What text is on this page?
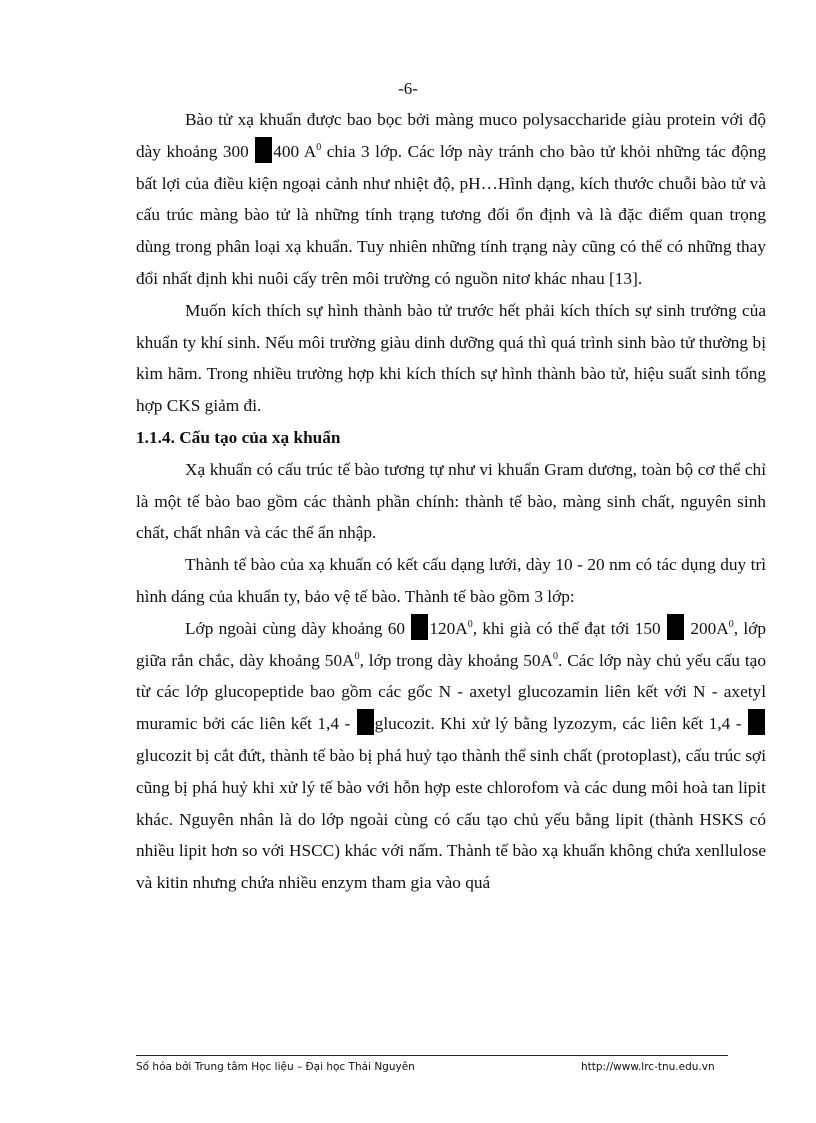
-6-

Bào tử xạ khuẩn được bao bọc bởi màng muco polysaccharide giàu protein với độ dày khoảng 300 400 $A^0$ chia 3 lớp. Các lớp này tránh cho bào tử khỏi những tác động bất lợi của điều kiện ngoại cảnh như nhiệt độ, pH…Hình dạng, kích thước chuỗi bào tử và cấu trúc màng bào tử là những tính trạng tương đối ổn định và là đặc điểm quan trọng dùng trong phân loại xạ khuẩn. Tuy nhiên những tính trạng này cũng có thể có những thay đổi nhất định khi nuôi cấy trên môi trường có nguồn nitơ khác nhau [13].

Muốn kích thích sự hình thành bào tử trước hết phải kích thích sự sinh trưởng của khuẩn ty khí sinh. Nếu môi trường giàu dinh dưỡng quá thì quá trình sinh bào tử thường bị kìm hãm. Trong nhiều trường hợp khi kích thích sự hình thành bào tử, hiệu suất sinh tổng hợp CKS giảm đi.

1.1.4. Cấu tạo của xạ khuẩn

Xạ khuẩn có cấu trúc tế bào tương tự như vi khuẩn Gram dương, toàn bộ cơ thể chỉ là một tế bào bao gồm các thành phần chính: thành tế bào, màng sinh chất, nguyên sinh chất, chất nhân và các thể ẩn nhập.

Thành tế bào của xạ khuẩn có kết cấu dạng lưới, dày 10 - 20 nm có tác dụng duy trì hình dáng của khuẩn ty, bảo vệ tế bào. Thành tế bào gồm 3 lớp:

Lớp ngoài cùng dày khoảng 60 $120A^0$, khi già có thể đạt tới 150  $200A^0$, lớp giữa rắn chắc, dày khoảng $50A^0$, lớp trong dày khoảng $50A^0$. Các lớp này chủ yếu cấu tạo từ các lớp glucopeptide bao gồm các gốc N - axetyl glucozamin liên kết với N - axetyl muramic bởi các liên kết 1,4 - glucozit. Khi xử lý bằng lyzozym, các liên kết 1,4 - glucozit bị cắt đứt, thành tế bào bị phá huỷ tạo thành thể sinh chất (protoplast), cấu trúc sợi cũng bị phá huỷ khi xử lý tế bào với hỗn hợp este chlorofom và các dung môi hoà tan lipit khác. Nguyên nhân là do lớp ngoài cùng có cấu tạo chủ yếu bằng lipit (thành HSKS có nhiều lipit hơn so với HSCC) khác với nấm. Thành tế bào xạ khuẩn không chứa xenllulose và kitin nhưng chứa nhiều enzym tham gia vào quá

Số hóa bởi Trung tâm Học liệu – Đại học Thái Nguyên	http://www.lrc-tnu.edu.vn
